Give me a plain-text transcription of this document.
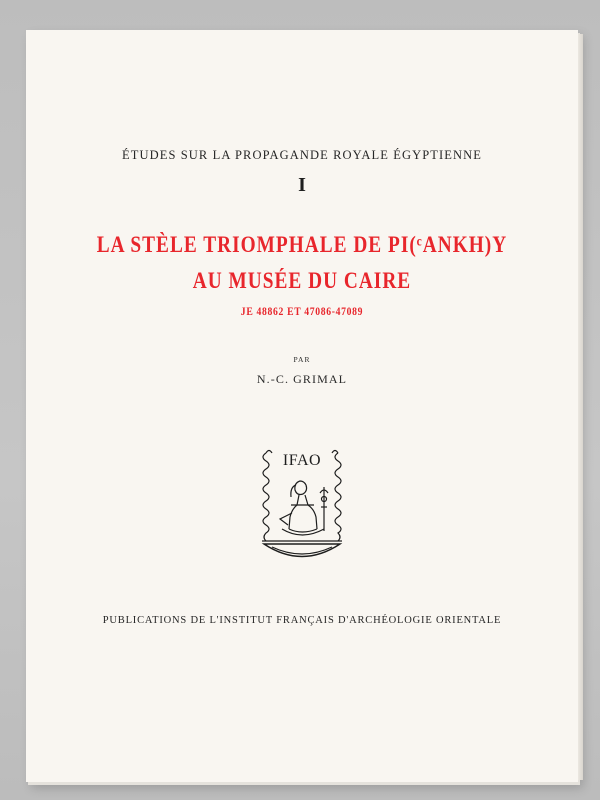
ÉTUDES SUR LA PROPAGANDE ROYALE ÉGYPTIENNE
I
LA STÈLE TRIOMPHALE DE PI(ᶜANKH)Y
AU MUSÉE DU CAIRE
JE 48862 ET 47086-47089
PAR
N.-C. GRIMAL
IFAO
PUBLICATIONS DE L'INSTITUT FRANÇAIS D'ARCHÉOLOGIE ORIENTALE
